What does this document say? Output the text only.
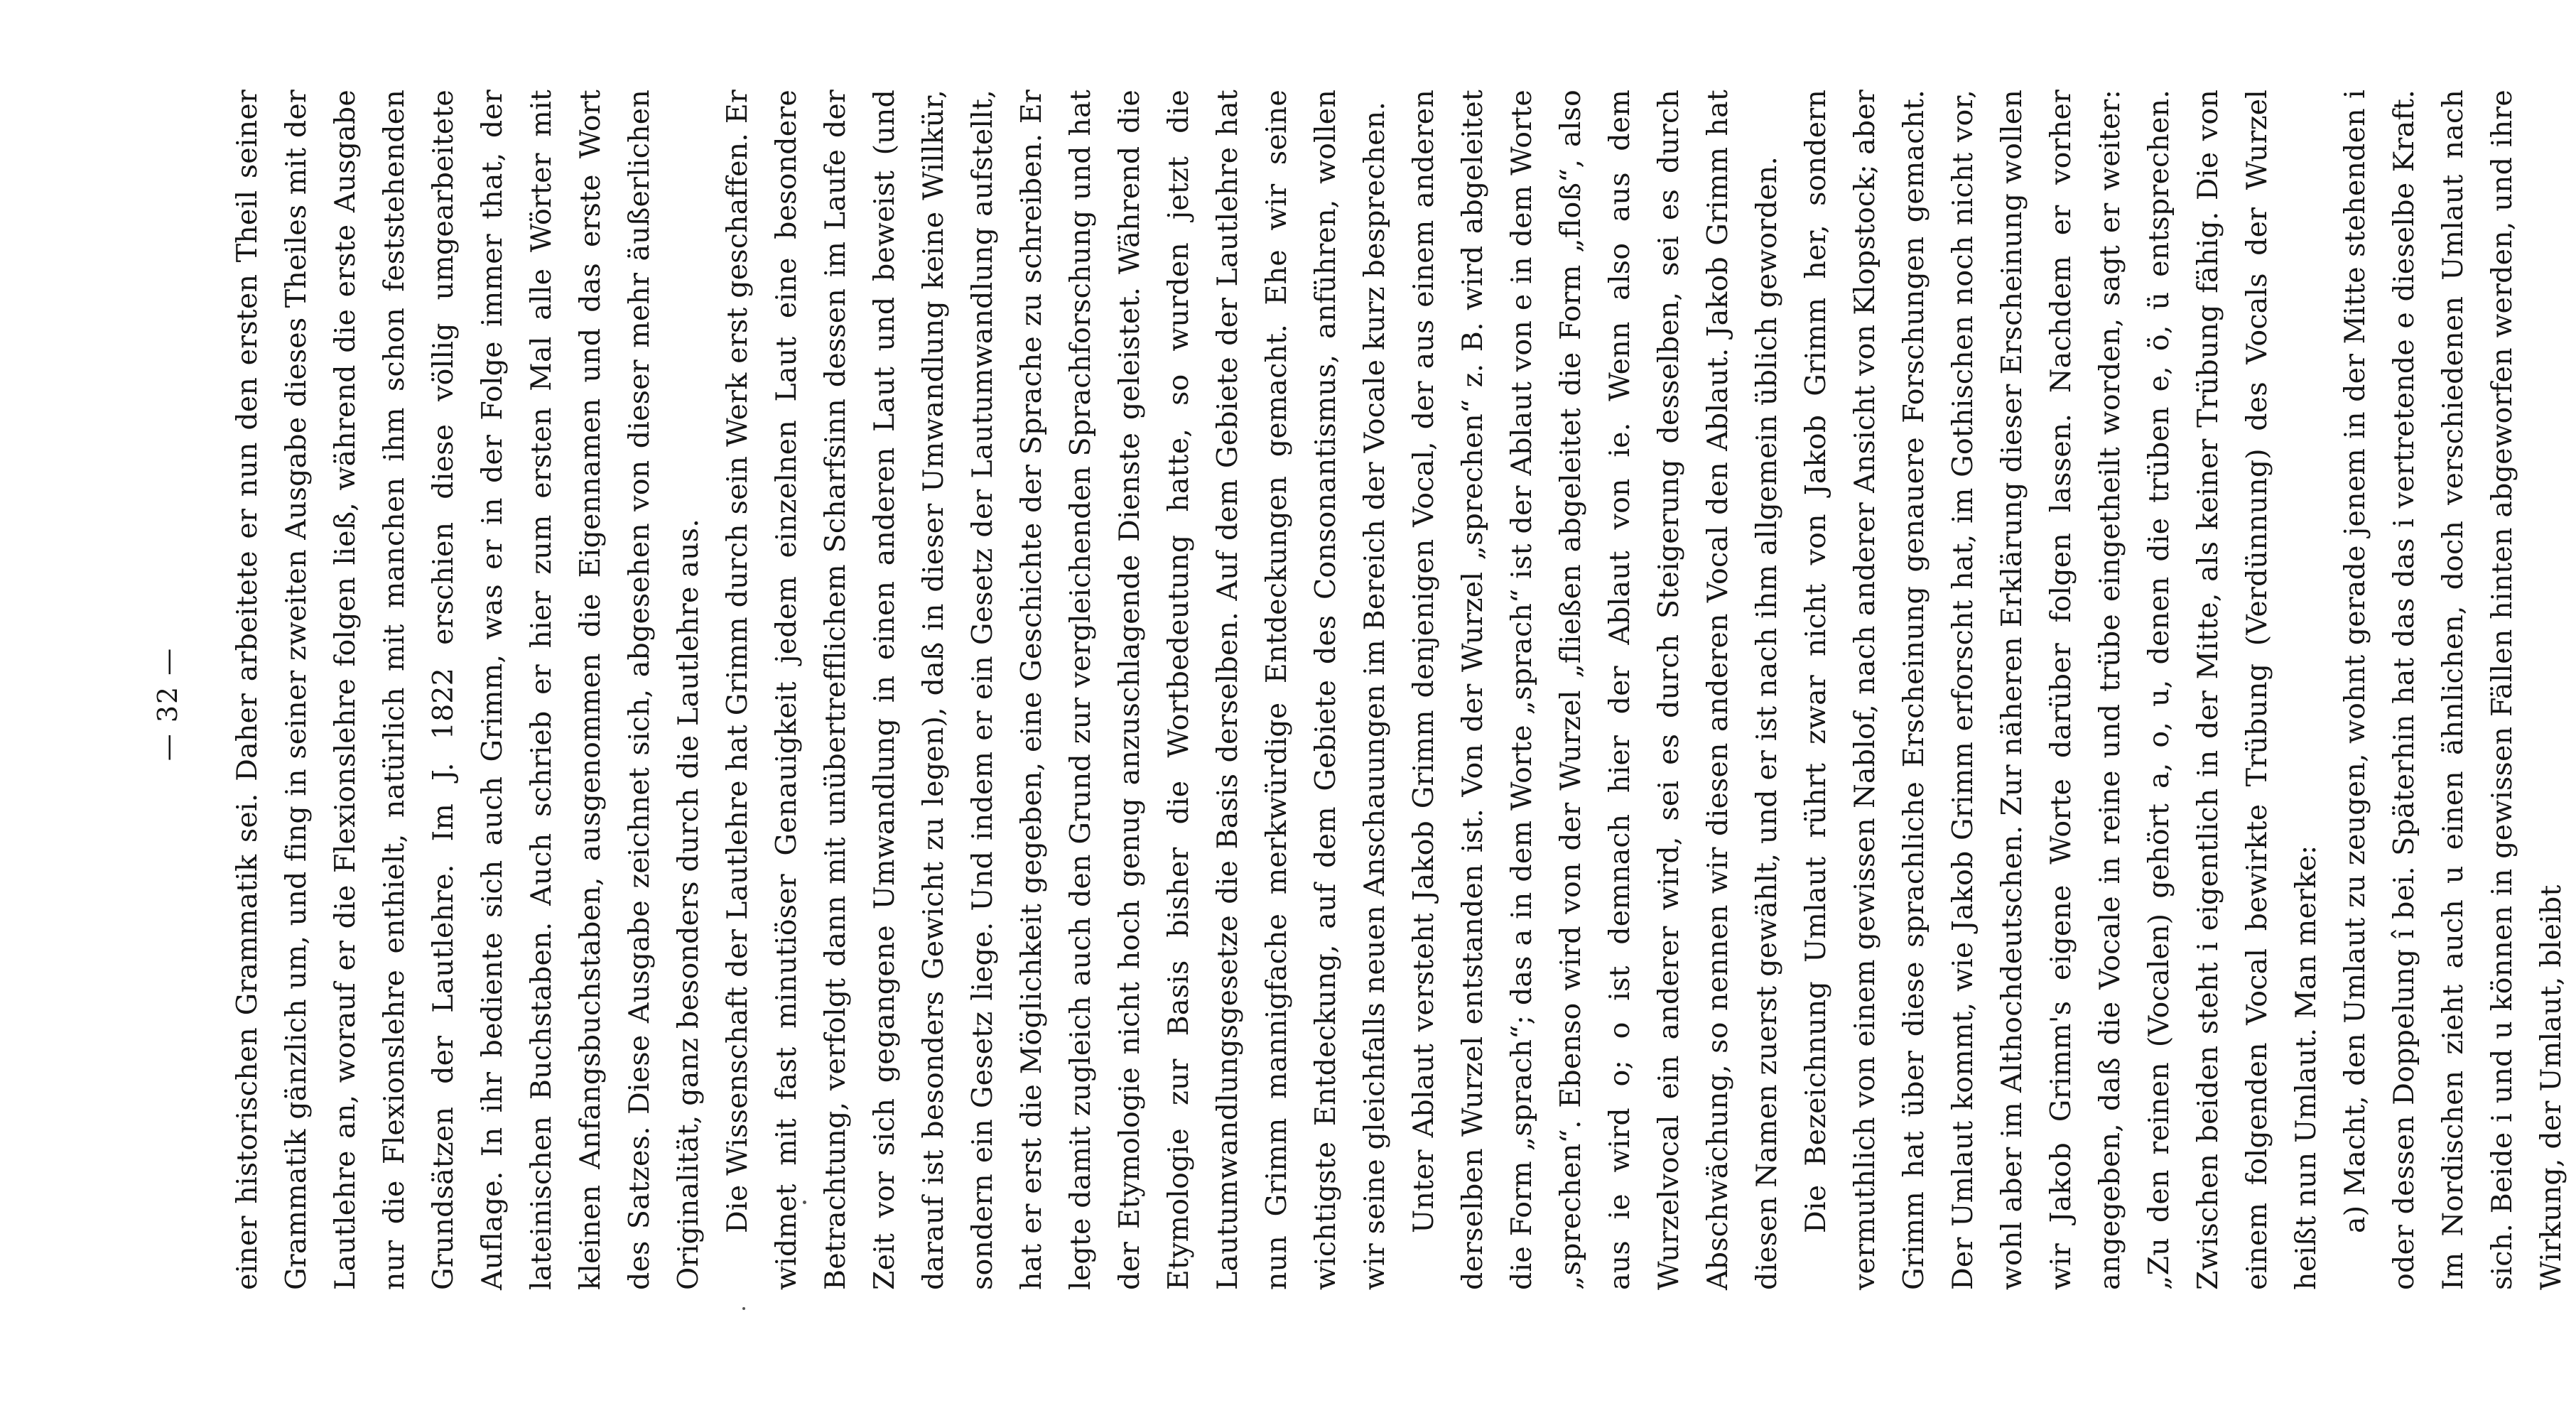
— 32 — einer historischen Grammatik sei. Daher arbeitete er nun den ersten Theil seiner Grammatik gänzlich um, und fing in seiner zweiten Ausgabe dieses Theiles mit der Lautlehre an, worauf er die Flexionslehre folgen ließ, während die erste Ausgabe nur die Flexionslehre enthielt, natürlich mit manchen ihm schon feststehenden Grundsätzen der Lautlehre. Im J. 1822 erschien diese völlig umgearbeitete Auflage. In ihr bediente sich auch Grimm, was er in der Folge immer that, der lateinischen Buchstaben. Auch schrieb er hier zum ersten Mal alle Wörter mit kleinen Anfangsbuchstaben, ausgenommen die Eigennamen und das erste Wort des Satzes. Diese Ausgabe zeichnet sich, abgesehen von dieser mehr äußerlichen Originalität, ganz besonders durch die Lautlehre aus. Die Wissenschaft der Lautlehre hat Grimm durch sein Werk erst geschaffen. Er widmet mit fast minutiöser Genauigkeit jedem einzelnen Laut eine besondere Betrachtung, verfolgt dann mit unübertrefflichem Scharfsinn dessen im Laufe der Zeit vor sich gegangene Umwandlung in einen anderen Laut und beweist (und darauf ist besonders Gewicht zu legen), daß in dieser Umwandlung keine Willkür, sondern ein Gesetz liege. Und indem er ein Gesetz der Lautumwandlung aufstellt, hat er erst die Möglichkeit gegeben, eine Geschichte der Sprache zu schreiben. Er legte damit zugleich auch den Grund zur vergleichenden Sprachforschung und hat der Etymologie nicht hoch genug anzuschlagende Dienste geleistet. Während die Etymologie zur Basis bisher die Wortbedeutung hatte, so wurden jetzt die Lautumwandlungsgesetze die Basis derselben. Auf dem Gebiete der Lautlehre hat nun Grimm mannigfache merkwürdige Entdeckungen gemacht. Ehe wir seine wichtigste Entdeckung, auf dem Gebiete des Consonantismus, anführen, wollen wir seine gleichfalls neuen Anschauungen im Bereich der Vocale kurz besprechen. Unter Ablaut versteht Jakob Grimm denjenigen Vocal, der aus einem anderen derselben Wurzel entstanden ist. Von der Wurzel „sprechen“ z. B. wird abgeleitet die Form „sprach“; das a in dem Worte „sprach“ ist der Ablaut von e in dem Worte „sprechen“. Ebenso wird von der Wurzel „fließen abgeleitet die Form „floß“, also aus ie wird o; o ist demnach hier der Ablaut von ie. Wenn also aus dem Wurzelvocal ein anderer wird, sei es durch Steigerung desselben, sei es durch Abschwächung, so nennen wir diesen anderen Vocal den Ablaut. Jakob Grimm hat diesen Namen zuerst gewählt, und er ist nach ihm allgemein üblich geworden. Die Bezeichnung Umlaut rührt zwar nicht von Jakob Grimm her, sondern vermuthlich von einem gewissen Nablof, nach anderer Ansicht von Klopstock; aber Grimm hat über diese sprachliche Erscheinung genauere Forschungen gemacht. Der Umlaut kommt, wie Jakob Grimm erforscht hat, im Gothischen noch nicht vor, wohl aber im Althochdeutschen. Zur näheren Erklärung dieser Erscheinung wollen wir Jakob Grimm's eigene Worte darüber folgen lassen. Nachdem er vorher angegeben, daß die Vocale in reine und trübe eingetheilt worden, sagt er weiter: „Zu den reinen (Vocalen) gehört a, o, u, denen die trüben e, ö, ü entsprechen. Zwischen beiden steht i eigentlich in der Mitte, als keiner Trübung fähig. Die von einem folgenden Vocal bewirkte Trübung (Verdünnung) des Vocals der Wurzel heißt nun Umlaut. Man merke: a) Macht, den Umlaut zu zeugen, wohnt gerade jenem in der Mitte stehenden i oder dessen Doppelung î bei. Späterhin hat das das i vertretende e dieselbe Kraft. Im Nordischen zieht auch u einen ähnlichen, doch verschiedenen Umlaut nach sich. Beide i und u können in gewissen Fällen hinten abgeworfen werden, und ihre Wirkung, der Umlaut, bleibt
